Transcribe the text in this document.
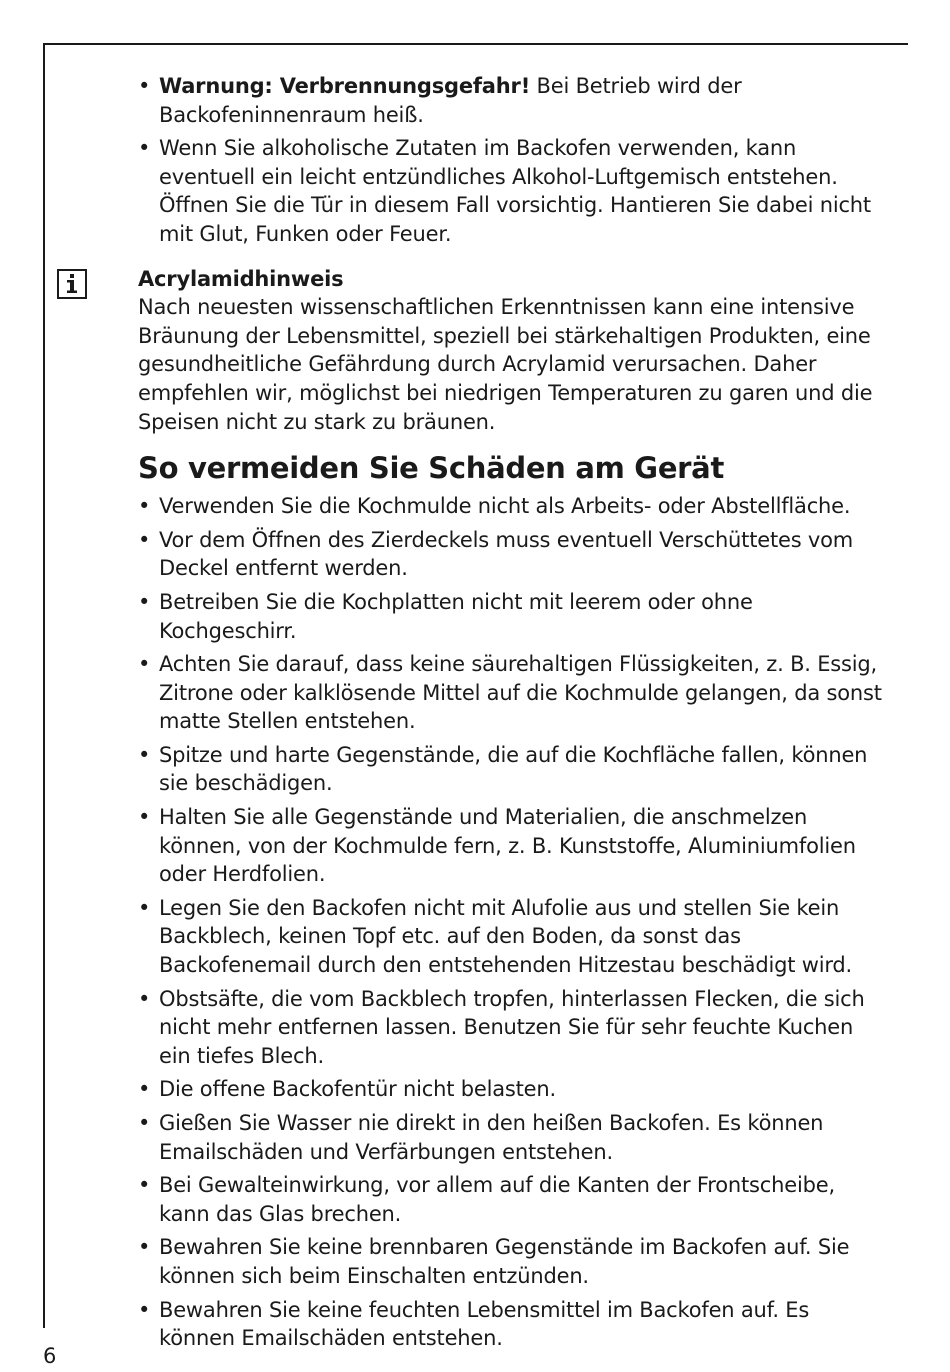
• Warnung: Verbrennungsgefahr! Bei Betrieb wird der Backofeninnenraum heiß.
• Wenn Sie alkoholische Zutaten im Backofen verwenden, kann eventuell ein leicht entzündliches Alkohol-Luftgemisch entstehen. Öffnen Sie die Tür in diesem Fall vorsichtig. Hantieren Sie dabei nicht mit Glut, Funken oder Feuer.
Acrylamidhinweis
Nach neuesten wissenschaftlichen Erkenntnissen kann eine intensive Bräunung der Lebensmittel, speziell bei stärkehaltigen Produkten, eine gesundheitliche Gefährdung durch Acrylamid verursachen. Daher empfehlen wir, möglichst bei niedrigen Temperaturen zu garen und die Speisen nicht zu stark zu bräunen.
So vermeiden Sie Schäden am Gerät
• Verwenden Sie die Kochmulde nicht als Arbeits- oder Abstellfläche.
• Vor dem Öffnen des Zierdeckels muss eventuell Verschüttetes vom Deckel entfernt werden.
• Betreiben Sie die Kochplatten nicht mit leerem oder ohne Kochgeschirr.
• Achten Sie darauf, dass keine säurehaltigen Flüssigkeiten, z. B. Essig, Zitrone oder kalklösende Mittel auf die Kochmulde gelangen, da sonst matte Stellen entstehen.
• Spitze und harte Gegenstände, die auf die Kochfläche fallen, können sie beschädigen.
• Halten Sie alle Gegenstände und Materialien, die anschmelzen können, von der Kochmulde fern, z. B. Kunststoffe, Aluminiumfolien oder Herdfolien.
• Legen Sie den Backofen nicht mit Alufolie aus und stellen Sie kein Backblech, keinen Topf etc. auf den Boden, da sonst das Backofenemail durch den entstehenden Hitzestau beschädigt wird.
• Obstsäfte, die vom Backblech tropfen, hinterlassen Flecken, die sich nicht mehr entfernen lassen. Benutzen Sie für sehr feuchte Kuchen ein tiefes Blech.
• Die offene Backofentür nicht belasten.
• Gießen Sie Wasser nie direkt in den heißen Backofen. Es können Emailschäden und Verfärbungen entstehen.
• Bei Gewalteinwirkung, vor allem auf die Kanten der Frontscheibe, kann das Glas brechen.
• Bewahren Sie keine brennbaren Gegenstände im Backofen auf. Sie können sich beim Einschalten entzünden.
• Bewahren Sie keine feuchten Lebensmittel im Backofen auf. Es können Emailschäden entstehen.
6
